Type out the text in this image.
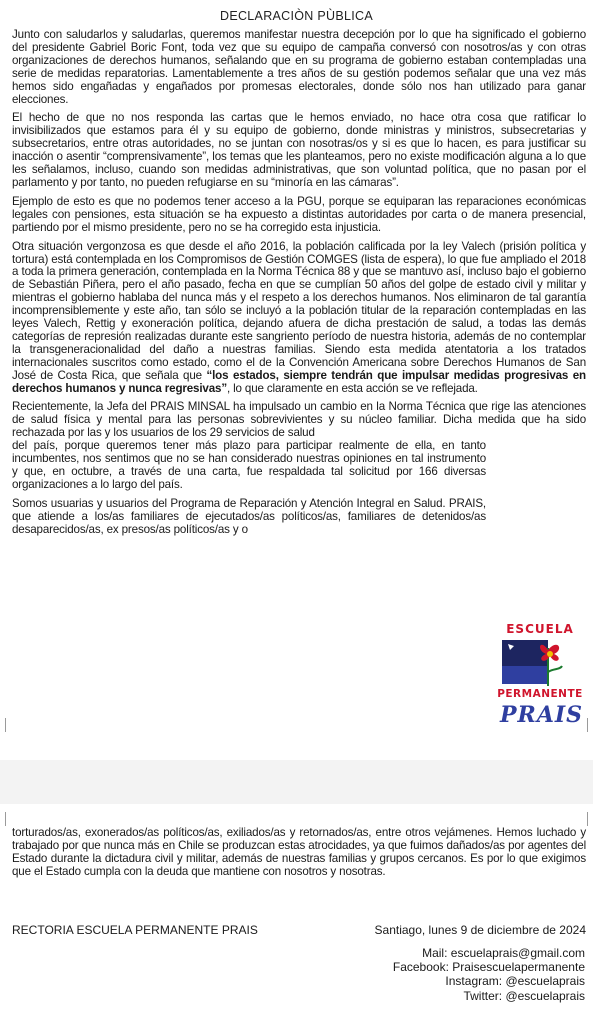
DECLARACIÒN PÙBLICA

Junto con saludarlos y saludarlas, queremos manifestar nuestra decepción por lo que ha significado el gobierno del presidente Gabriel Boric Font, toda vez que su equipo de campaña conversó con nosotros/as y con otras organizaciones de derechos humanos, señalando que en su programa de gobierno estaban contempladas una serie de medidas reparatorias. Lamentablemente a tres años de su gestión podemos señalar que una vez más hemos sido engañadas y engañados por promesas electorales, donde sólo nos han utilizado para ganar elecciones.

El hecho de que no nos responda las cartas que le hemos enviado, no hace otra cosa que ratificar lo invisibilizados que estamos para él y su equipo de gobierno, donde ministras y ministros, subsecretarias y subsecretarios, entre otras autoridades, no se juntan con nosotras/os y si es que lo hacen, es para justificar su inacción o asentir “comprensivamente”, los temas que les planteamos, pero no existe modificación alguna a lo que les señalamos, incluso, cuando son medidas administrativas, que son voluntad política, que no pasan por el parlamento y por tanto, no pueden refugiarse en su “minoría en las cámaras”.

Ejemplo de esto es que no podemos tener acceso a la PGU, porque se equiparan las reparaciones económicas legales con pensiones, esta situación se ha expuesto a distintas autoridades por carta o de manera presencial, partiendo por el mismo presidente, pero no se ha corregido esta injusticia.

Otra situación vergonzosa es que desde el año 2016, la población calificada por la ley Valech (prisión política y tortura) está contemplada en los Compromisos de Gestión COMGES (lista de espera), lo que fue ampliado el 2018 a toda la primera generación, contemplada en la Norma Técnica 88 y que se mantuvo así, incluso bajo el gobierno de Sebastián Piñera, pero el año pasado, fecha en que se cumplían 50 años del golpe de estado civil y militar y mientras el gobierno hablaba del nunca más y el respeto a los derechos humanos. Nos eliminaron de tal garantía incomprensiblemente y este año, tan sólo se incluyó a la población titular de la reparación contempladas en las leyes Valech, Rettig y exoneración política, dejando afuera de dicha prestación de salud, a todas las demás categorías de represión realizadas durante este sangriento período de nuestra historia, además de no contemplar la transgeneracionalidad del daño a nuestras familias. Siendo esta medida atentatoria a los tratados internacionales suscritos como estado, como el de la Convención Americana sobre Derechos Humanos de San José de Costa Rica, que señala que “los estados, siempre tendrán que impulsar medidas progresivas en derechos humanos y nunca regresivas”, lo que claramente en esta acción se ve reflejada.

Recientemente, la Jefa del PRAIS MINSAL ha impulsado un cambio en la Norma Técnica que rige las atenciones de salud física y mental para las personas sobrevivientes y su núcleo familiar. Dicha medida que ha sido rechazada por las y los usuarios de los 29 servicios de salud

del país, porque queremos tener más plazo para participar realmente de ella, en tanto incumbentes, nos sentimos que no se han considerado nuestras opiniones en tal instrumento y que, en octubre, a través de una carta, fue respaldada tal solicitud por 166 diversas organizaciones a lo largo del país.

Somos usuarias y usuarios del Programa de Reparación y Atención Integral en Salud. PRAIS, que atiende a los/as familiares de ejecutados/as políticos/as, familiares de detenidos/as desaparecidos/as, ex presos/as políticos/as y o

ESCUELA
PERMANENTE
PRAIS

torturados/as, exonerados/as políticos/as, exiliados/as y retornados/as, entre otros vejámenes. Hemos luchado y trabajado por que nunca más en Chile se produzcan estas atrocidades, ya que fuimos dañados/as por agentes del Estado durante la dictadura civil y militar, además de nuestras familias y grupos cercanos. Es por lo que exigimos que el Estado cumpla con la deuda que mantiene con nosotros y nosotras.

RECTORIA ESCUELA PERMANENTE PRAIS	Santiago, lunes 9 de diciembre de 2024
Mail: escuelaprais@gmail.com
Facebook: Praisescuelapermanente
Instagram: @escuelaprais
Twitter: @escuelaprais
